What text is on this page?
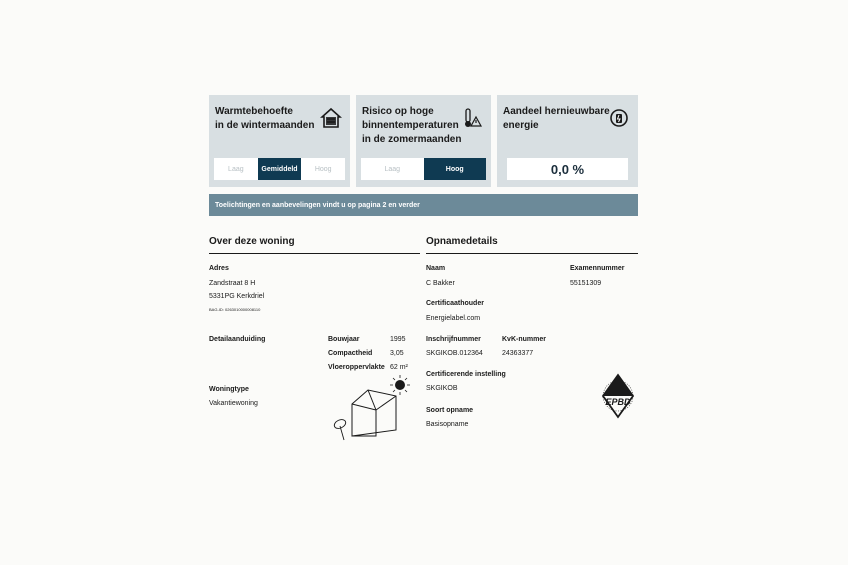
Warmtebehoefte
in de wintermaanden
Laag	Gemiddeld	Hoog
Risico op hoge
binnentemperaturen
in de zomermaanden
Laag	Hoog
Aandeel hernieuwbare
energie
0,0 %
Toelichtingen en aanbevelingen vindt u op pagina 2 en verder
Over deze woning
Adres
Zandstraat 8 H
5331PG Kerkdriel
BAG-ID: 0263010000008110
Detailaanduiding	Bouwjaar	1995
Compactheid	3,05
Vloeroppervlakte 62 m²
Woningtype
Vakantiewoning
Opnamedetails
Naam
C Bakker
Examennummer
55151309
Certificaathouder
Energielabel.com
Inschrijfnummer
SKGIKOB.012364
KvK-nummer
24363377
Certificerende instelling
SKGIKOB
Soort opname
Basisopname
EPBD
